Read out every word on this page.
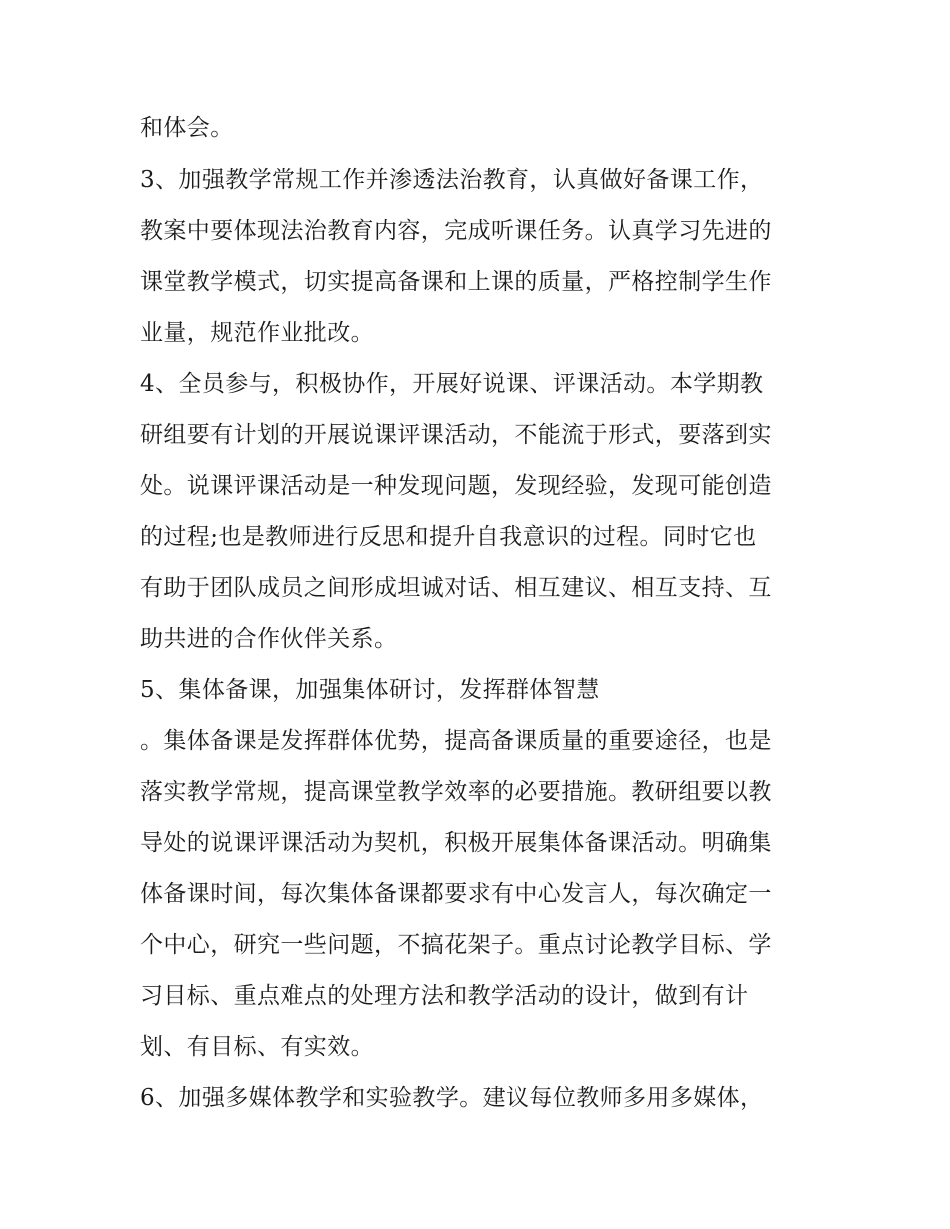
和体会。
3、加强教学常规工作并渗透法治教育，认真做好备课工作，
教案中要体现法治教育内容，完成听课任务。认真学习先进的
课堂教学模式，切实提高备课和上课的质量，严格控制学生作
业量，规范作业批改。
4、全员参与，积极协作，开展好说课、评课活动。本学期教
研组要有计划的开展说课评课活动，不能流于形式，要落到实
处。说课评课活动是一种发现问题，发现经验，发现可能创造
的过程;也是教师进行反思和提升自我意识的过程。同时它也
有助于团队成员之间形成坦诚对话、相互建议、相互支持、互
助共进的合作伙伴关系。
5、集体备课，加强集体研讨，发挥群体智慧
。集体备课是发挥群体优势，提高备课质量的重要途径，也是
落实教学常规，提高课堂教学效率的必要措施。教研组要以教
导处的说课评课活动为契机，积极开展集体备课活动。明确集
体备课时间，每次集体备课都要求有中心发言人，每次确定一
个中心，研究一些问题，不搞花架子。重点讨论教学目标、学
习目标、重点难点的处理方法和教学活动的设计，做到有计
划、有目标、有实效。
6、加强多媒体教学和实验教学。建议每位教师多用多媒体，
